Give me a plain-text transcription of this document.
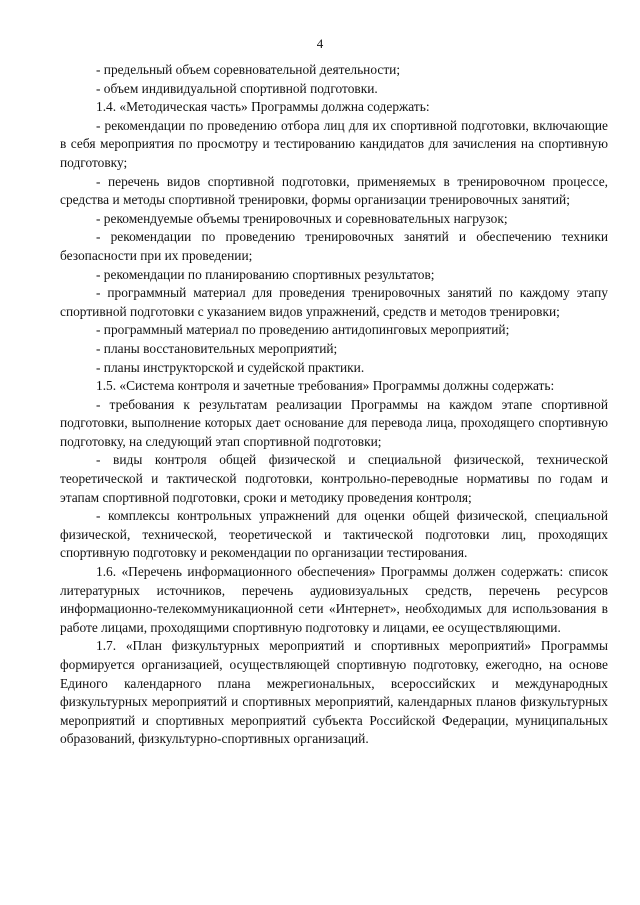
4

- предельный объем соревновательной деятельности;

- объем индивидуальной спортивной подготовки.

1.4. «Методическая часть» Программы должна содержать:

- рекомендации по проведению отбора лиц для их спортивной подготовки, включающие в себя мероприятия по просмотру и тестированию кандидатов для зачисления на спортивную подготовку;

- перечень видов спортивной подготовки, применяемых в тренировочном процессе, средства и методы спортивной тренировки, формы организации тренировочных занятий;

- рекомендуемые объемы тренировочных и соревновательных нагрузок;

- рекомендации по проведению тренировочных занятий и обеспечению техники безопасности при их проведении;

- рекомендации по планированию спортивных результатов;

- программный материал для проведения тренировочных занятий по каждому этапу спортивной подготовки с указанием видов упражнений, средств и методов тренировки;

- программный материал по проведению антидопинговых мероприятий;

- планы восстановительных мероприятий;

- планы инструкторской и судейской практики.

1.5. «Система контроля и зачетные требования» Программы должны содержать:

- требования к результатам реализации Программы на каждом этапе спортивной подготовки, выполнение которых дает основание для перевода лица, проходящего спортивную подготовку, на следующий этап спортивной подготовки;

- виды контроля общей физической и специальной физической, технической теоретической и тактической подготовки, контрольно-переводные нормативы по годам и этапам спортивной подготовки, сроки и методику проведения контроля;

- комплексы контрольных упражнений для оценки общей физической, специальной физической, технической, теоретической и тактической подготовки лиц, проходящих спортивную подготовку и рекомендации по организации тестирования.

1.6. «Перечень информационного обеспечения» Программы должен содержать: список литературных источников, перечень аудиовизуальных средств, перечень ресурсов информационно-телекоммуникационной сети «Интернет», необходимых для использования в работе лицами, проходящими спортивную подготовку и лицами, ее осуществляющими.

1.7. «План физкультурных мероприятий и спортивных мероприятий» Программы формируется организацией, осуществляющей спортивную подготовку, ежегодно, на основе Единого календарного плана межрегиональных, всероссийских и международных физкультурных мероприятий и спортивных мероприятий, календарных планов физкультурных мероприятий и спортивных мероприятий субъекта Российской Федерации, муниципальных образований, физкультурно-спортивных организаций.
